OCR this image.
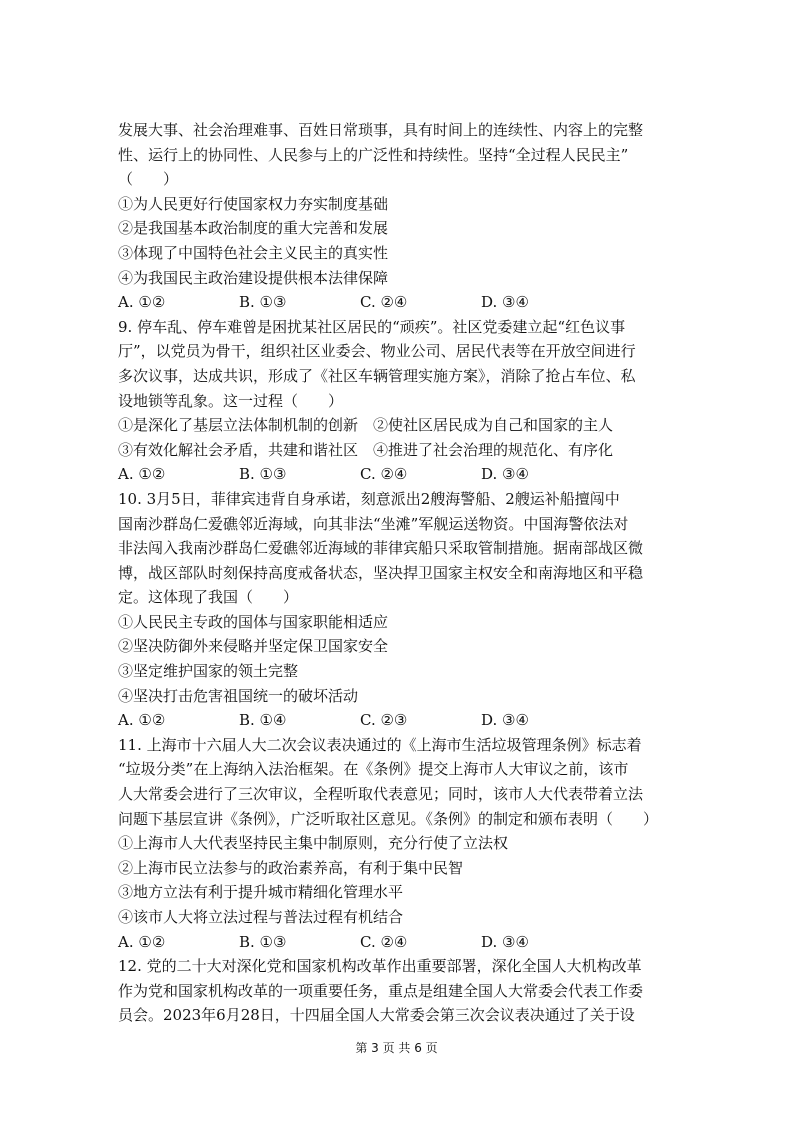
发展大事、社会治理难事、百姓日常琐事，具有时间上的连续性、内容上的完整
性、运行上的协同性、人民参与上的广泛性和持续性。坚持“全过程人民民主”
（　　）
①为人民更好行使国家权力夯实制度基础
②是我国基本政治制度的重大完善和发展
③体现了中国特色社会主义民主的真实性
④为我国民主政治建设提供根本法律保障
A. ①②	B. ①③	C. ②④	D. ③④
9. 停车乱、停车难曾是困扰某社区居民的“顽疾”。社区党委建立起“红色议事
厅”，以党员为骨干，组织社区业委会、物业公司、居民代表等在开放空间进行
多次议事，达成共识，形成了《社区车辆管理实施方案》，消除了抢占车位、私
设地锁等乱象。这一过程（　　）
①是深化了基层立法体制机制的创新　②使社区居民成为自己和国家的主人
③有效化解社会矛盾，共建和谐社区　④推进了社会治理的规范化、有序化
A. ①②	B. ①③	C. ②④	D. ③④
10. 3月5日，菲律宾违背自身承诺，刻意派出2艘海警船、2艘运补船擅闯中
国南沙群岛仁爱礁邻近海域，向其非法“坐滩”军舰运送物资。中国海警依法对
非法闯入我南沙群岛仁爱礁邻近海域的菲律宾船只采取管制措施。据南部战区微
博，战区部队时刻保持高度戒备状态，坚决捍卫国家主权安全和南海地区和平稳
定。这体现了我国（　　）
①人民民主专政的国体与国家职能相适应
②坚决防御外来侵略并坚定保卫国家安全
③坚定维护国家的领土完整
④坚决打击危害祖国统一的破坏活动
A. ①②	B. ①④	C. ②③	D. ③④
11. 上海市十六届人大二次会议表决通过的《上海市生活垃圾管理条例》标志着
“垃圾分类”在上海纳入法治框架。在《条例》提交上海市人大审议之前，该市
人大常委会进行了三次审议，全程听取代表意见；同时，该市人大代表带着立法
问题下基层宣讲《条例》，广泛听取社区意见。《条例》的制定和颁布表明（　　）
①上海市人大代表坚持民主集中制原则，充分行使了立法权
②上海市民立法参与的政治素养高，有利于集中民智
③地方立法有利于提升城市精细化管理水平
④该市人大将立法过程与普法过程有机结合
A. ①②	B. ①③	C. ②④	D. ③④
12. 党的二十大对深化党和国家机构改革作出重要部署，深化全国人大机构改革
作为党和国家机构改革的一项重要任务，重点是组建全国人大常委会代表工作委
员会。2023年6月28日，十四届全国人大常委会第三次会议表决通过了关于设
第 3 页 共 6 页
